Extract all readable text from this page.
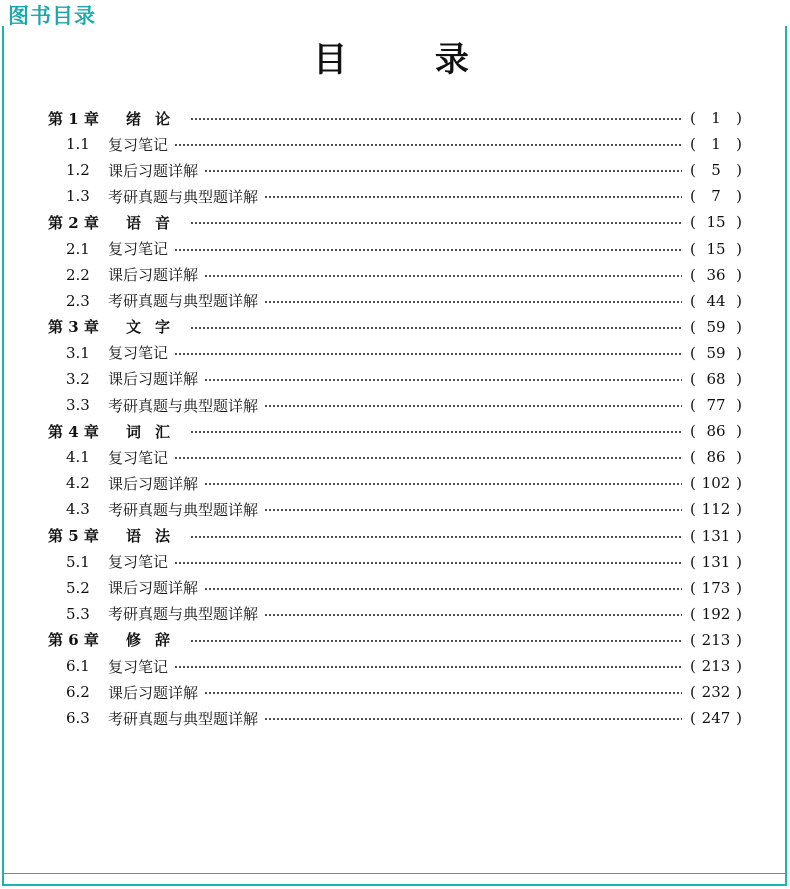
图书目录
目 录
第 1 章	绪论	(	1	)
1.1	复习笔记	(	1	)
1.2	课后习题详解	(	5	)
1.3	考研真题与典型题详解	(	7	)
第 2 章	语音	( 15 )
2.1	复习笔记	( 15 )
2.2	课后习题详解	( 36 )
2.3	考研真题与典型题详解	( 44 )
第 3 章	文字	( 59 )
3.1	复习笔记	( 59 )
3.2	课后习题详解	( 68 )
3.3	考研真题与典型题详解	( 77 )
第 4 章	词汇	( 86 )
4.1	复习笔记	( 86 )
4.2	课后习题详解	( 102 )
4.3	考研真题与典型题详解	( 112 )
第 5 章	语法	( 131 )
5.1	复习笔记	( 131 )
5.2	课后习题详解	( 173 )
5.3	考研真题与典型题详解	( 192 )
第 6 章	修辞	( 213 )
6.1	复习笔记	( 213 )
6.2	课后习题详解	( 232 )
6.3	考研真题与典型题详解	( 247 )
